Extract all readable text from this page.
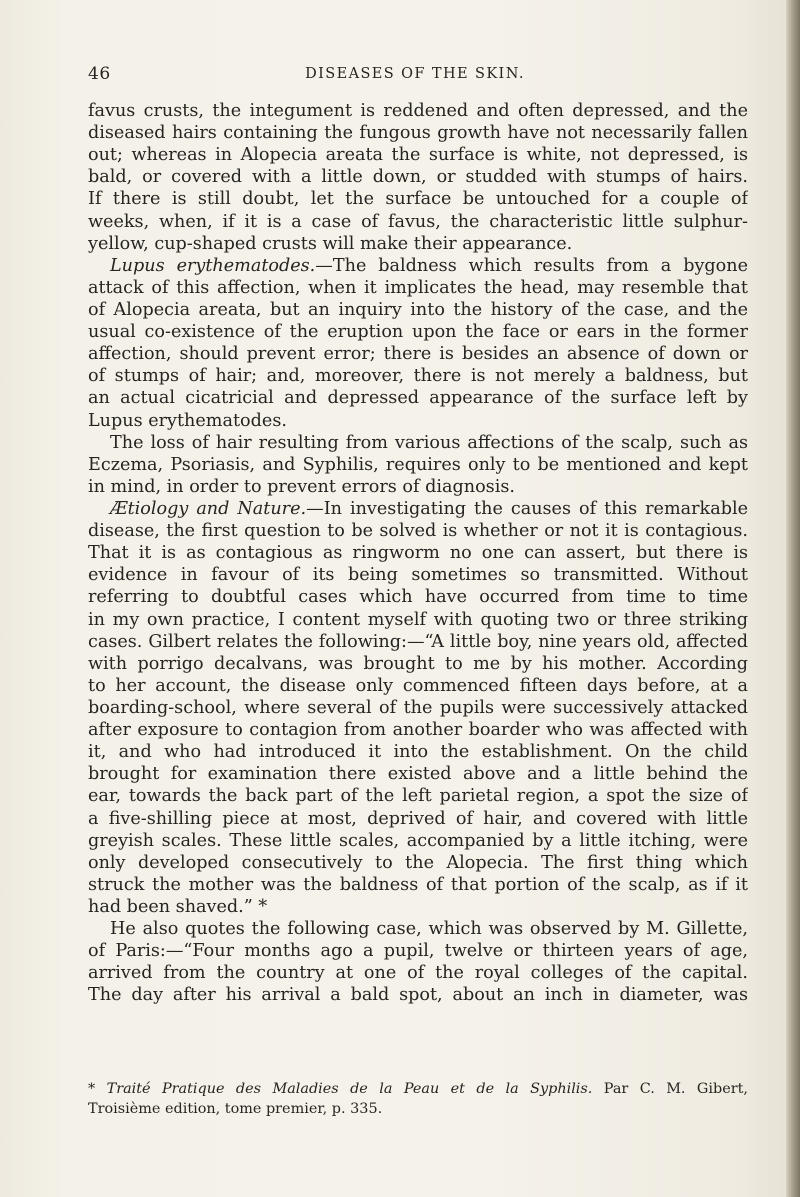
46	DISEASES OF THE SKIN.
favus crusts, the integument is reddened and often depressed, and the
diseased hairs containing the fungous growth have not necessarily fallen
out; whereas in Alopecia areata the surface is white, not depressed, is
bald, or covered with a little down, or studded with stumps of hairs.
If there is still doubt, let the surface be untouched for a couple of
weeks, when, if it is a case of favus, the characteristic little sulphur-
yellow, cup-shaped crusts will make their appearance.
Lupus erythematodes.—The baldness which results from a bygone
attack of this affection, when it implicates the head, may resemble that
of Alopecia areata, but an inquiry into the history of the case, and the
usual co-existence of the eruption upon the face or ears in the former
affection, should prevent error; there is besides an absence of down or
of stumps of hair; and, moreover, there is not merely a baldness, but
an actual cicatricial and depressed appearance of the surface left by
Lupus erythematodes.
The loss of hair resulting from various affections of the scalp, such as
Eczema, Psoriasis, and Syphilis, requires only to be mentioned and kept
in mind, in order to prevent errors of diagnosis.
Ætiology and Nature.—In investigating the causes of this remarkable
disease, the first question to be solved is whether or not it is contagious.
That it is as contagious as ringworm no one can assert, but there is
evidence in favour of its being sometimes so transmitted. Without
referring to doubtful cases which have occurred from time to time
in my own practice, I content myself with quoting two or three striking
cases. Gilbert relates the following:—“A little boy, nine years old, affected
with porrigo decalvans, was brought to me by his mother. According
to her account, the disease only commenced fifteen days before, at a
boarding-school, where several of the pupils were successively attacked
after exposure to contagion from another boarder who was affected with
it, and who had introduced it into the establishment. On the child
brought for examination there existed above and a little behind the
ear, towards the back part of the left parietal region, a spot the size of
a five-shilling piece at most, deprived of hair, and covered with little
greyish scales. These little scales, accompanied by a little itching, were
only developed consecutively to the Alopecia. The first thing which
struck the mother was the baldness of that portion of the scalp, as if it
had been shaved.” *
He also quotes the following case, which was observed by M. Gillette,
of Paris:—“Four months ago a pupil, twelve or thirteen years of age,
arrived from the country at one of the royal colleges of the capital.
The day after his arrival a bald spot, about an inch in diameter, was
* Traité Pratique des Maladies de la Peau et de la Syphilis. Par C. M. Gibert,
Troisième edition, tome premier, p. 335.
